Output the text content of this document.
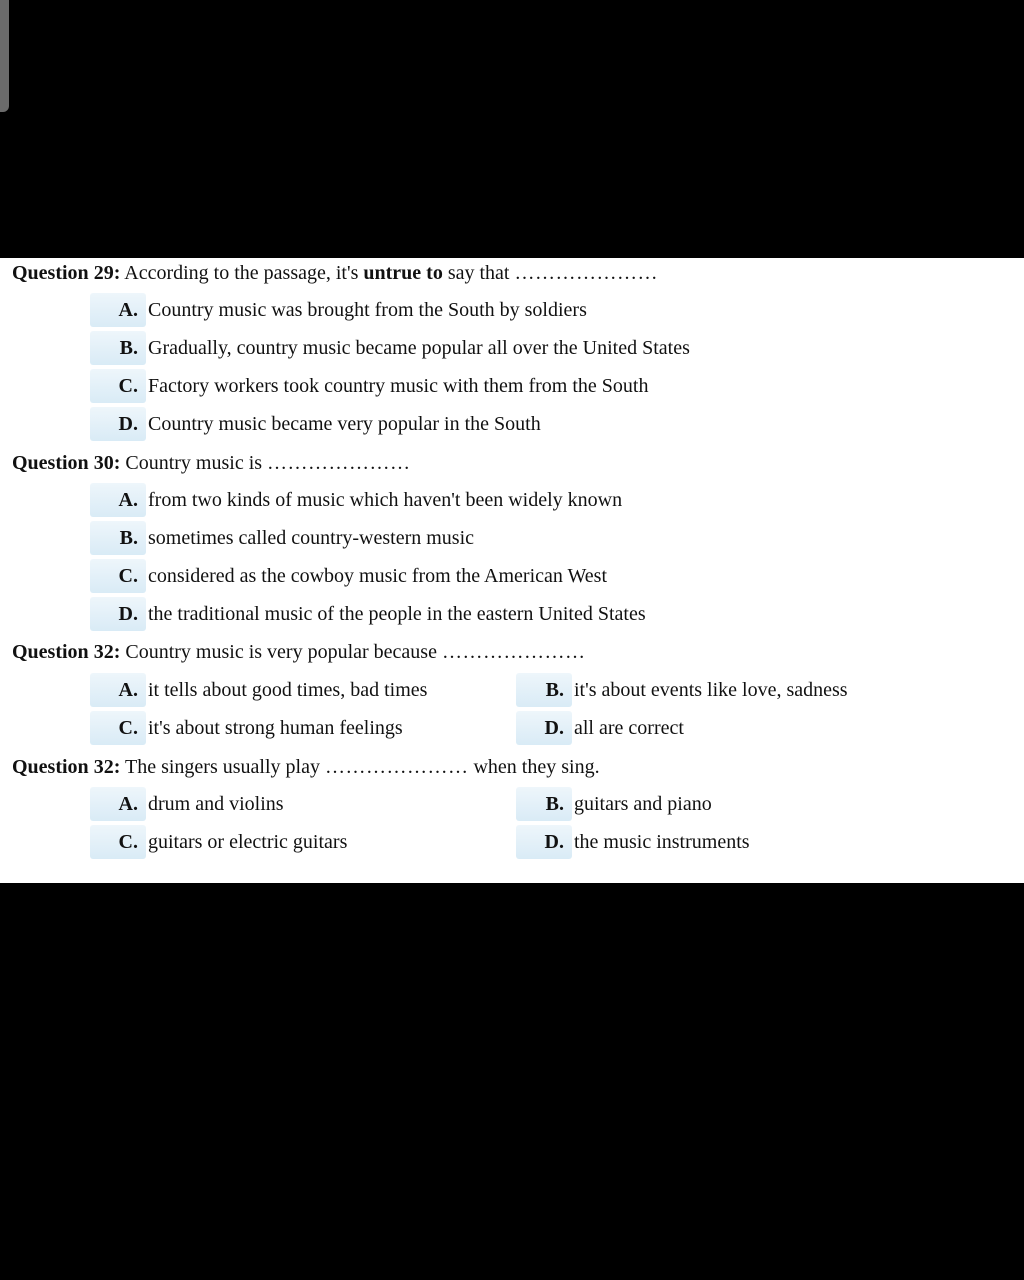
Question 29: According to the passage, it's untrue to say that …………………
A. Country music was brought from the South by soldiers
B. Gradually, country music became popular all over the United States
C. Factory workers took country music with them from the South
D. Country music became very popular in the South
Question 30: Country music is …………………
A. from two kinds of music which haven't been widely known
B. sometimes called country-western music
C. considered as the cowboy music from the American West
D. the traditional music of the people in the eastern United States
Question 32: Country music is very popular because …………………
A. it tells about good times, bad times	B. it's about events like love, sadness
C. it's about strong human feelings	D. all are correct
Question 32: The singers usually play ………………… when they sing.
A. drum and violins	B. guitars and piano
C. guitars or electric guitars	D. the music instruments
